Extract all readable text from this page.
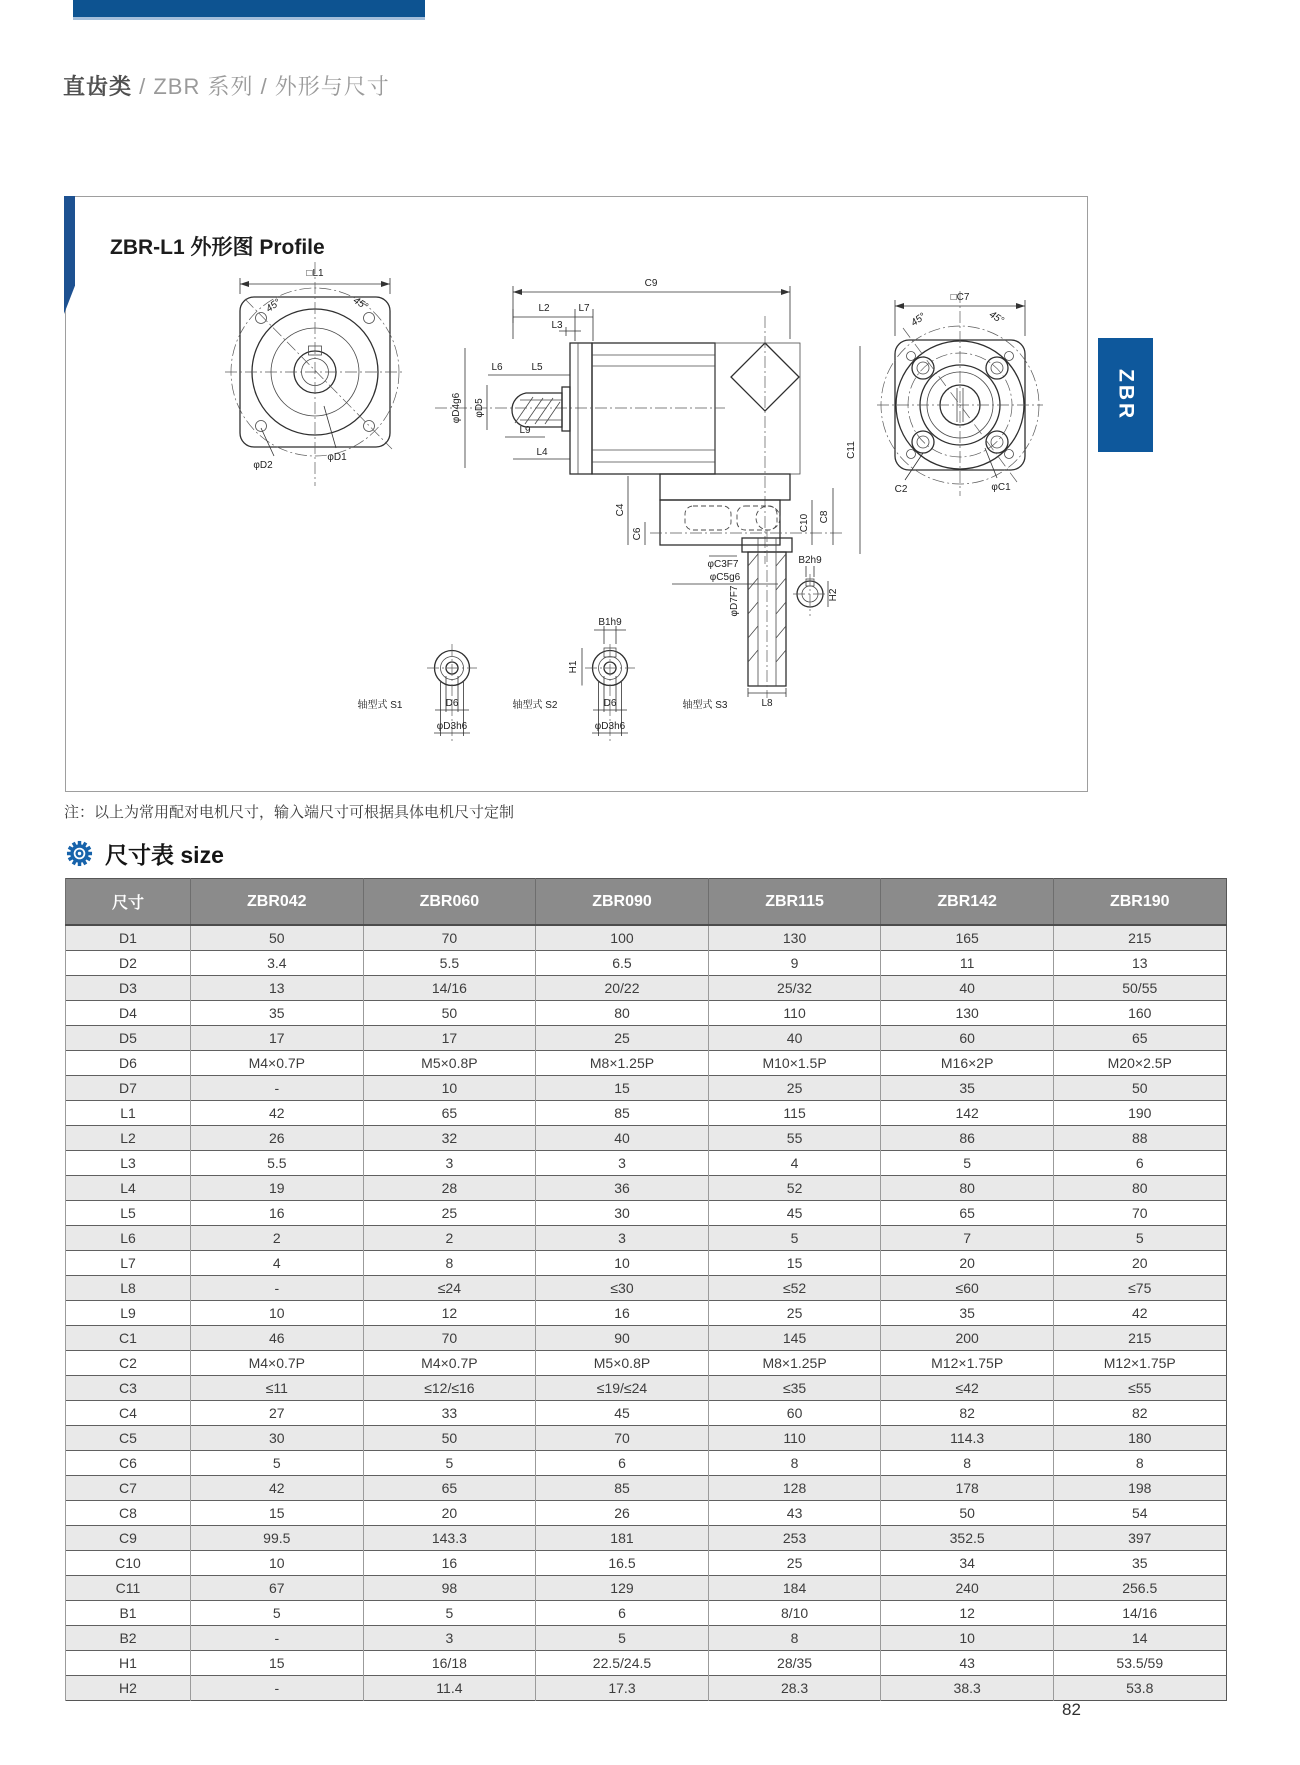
直齿类 / ZBR 系列 / 外形与尺寸
ZBR-L1 外形图 Profile
□L1
45°	45°
φD2
φD1
C9
L2	L7
L3
φD4g6 φD5
L6	L5
L9
L4
C4
C6
φC3F7
φC5g6
C10 C8
C11
□C7
45°	45°
C2	φC1
D6
φD3h6
轴型式 S1
B1h9
H1
D6
φD3h6
轴型式 S2
φD7F7
L8
轴型式 S3
B2h9
H2
注：以上为常用配对电机尺寸，输入端尺寸可根据具体电机尺寸定制
尺寸表 size
尺寸	ZBR042	ZBR060	ZBR090	ZBR115	ZBR142	ZBR190
D1	50	70	100	130	165	215
D2	3.4	5.5	6.5	9	11	13
D3	13	14/16	20/22	25/32	40	50/55
D4	35	50	80	110	130	160
D5	17	17	25	40	60	65
D6	M4×0.7P	M5×0.8P	M8×1.25P	M10×1.5P	M16×2P	M20×2.5P
D7	-	10	15	25	35	50
L1	42	65	85	115	142	190
L2	26	32	40	55	86	88
L3	5.5	3	3	4	5	6
L4	19	28	36	52	80	80
L5	16	25	30	45	65	70
L6	2	2	3	5	7	5
L7	4	8	10	15	20	20
L8	-	≤24	≤30	≤52	≤60	≤75
L9	10	12	16	25	35	42
C1	46	70	90	145	200	215
C2	M4×0.7P	M4×0.7P	M5×0.8P	M8×1.25P	M12×1.75P	M12×1.75P
C3	≤11	≤12/≤16	≤19/≤24	≤35	≤42	≤55
C4	27	33	45	60	82	82
C5	30	50	70	110	114.3	180
C6	5	5	6	8	8	8
C7	42	65	85	128	178	198
C8	15	20	26	43	50	54
C9	99.5	143.3	181	253	352.5	397
C10	10	16	16.5	25	34	35
C11	67	98	129	184	240	256.5
B1	5	5	6	8/10	12	14/16
B2	-	3	5	8	10	14
H1	15	16/18	22.5/24.5	28/35	43	53.5/59
H2	-	11.4	17.3	28.3	38.3	53.8
ZBR
82
